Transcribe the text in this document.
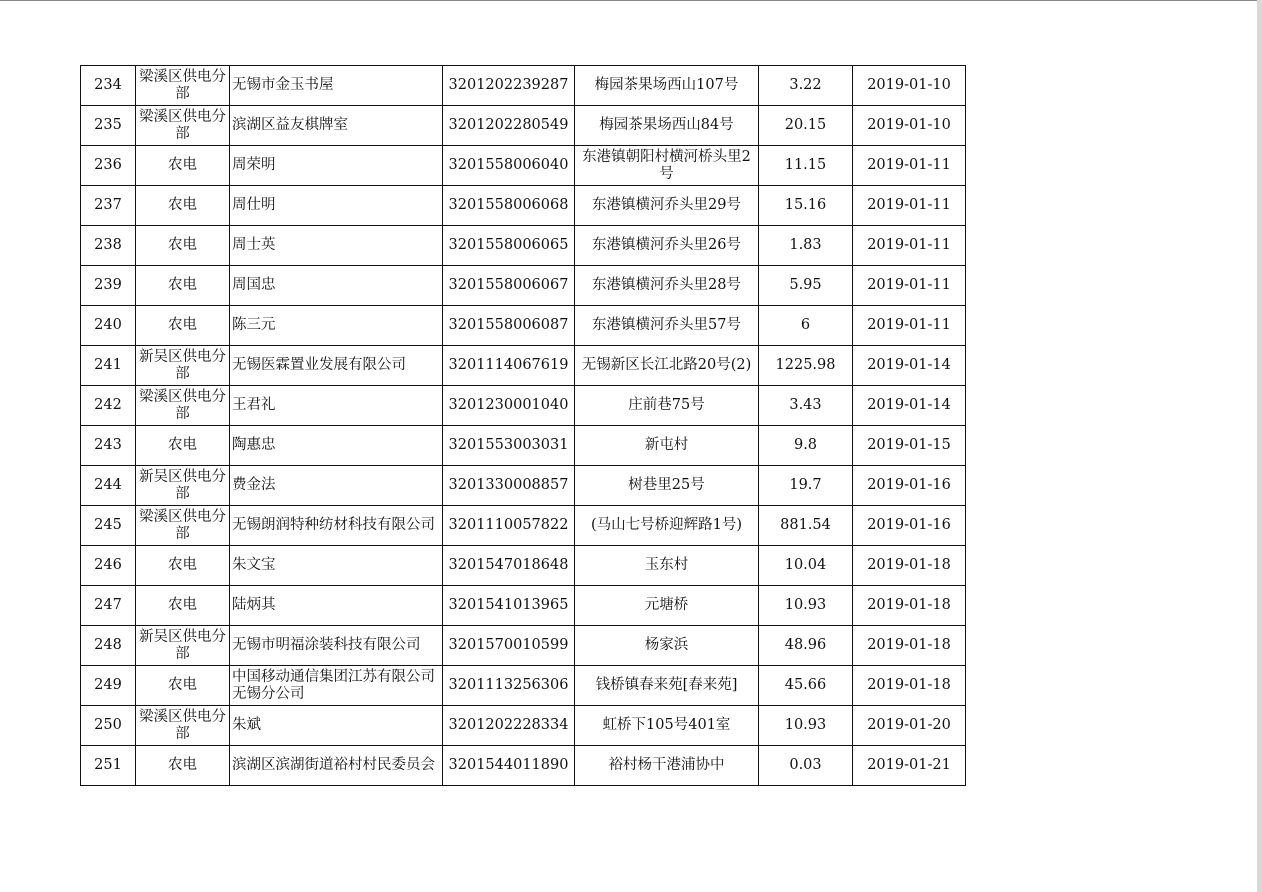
234	梁溪区供电分部	无锡市金玉书屋	3201202239287	梅园茶果场西山107号	3.22	2019-01-10
235	梁溪区供电分部	滨湖区益友棋牌室	3201202280549	梅园茶果场西山84号	20.15	2019-01-10
236	农电	周荣明	3201558006040	东港镇朝阳村横河桥头里2号	11.15	2019-01-11
237	农电	周仕明	3201558006068	东港镇横河乔头里29号	15.16	2019-01-11
238	农电	周士英	3201558006065	东港镇横河乔头里26号	1.83	2019-01-11
239	农电	周国忠	3201558006067	东港镇横河乔头里28号	5.95	2019-01-11
240	农电	陈三元	3201558006087	东港镇横河乔头里57号	6	2019-01-11
241	新吴区供电分部	无锡医霖置业发展有限公司	3201114067619	无锡新区长江北路20号(2)	1225.98	2019-01-14
242	梁溪区供电分部	王君礼	3201230001040	庄前巷75号	3.43	2019-01-14
243	农电	陶惠忠	3201553003031	新屯村	9.8	2019-01-15
244	新吴区供电分部	费金法	3201330008857	树巷里25号	19.7	2019-01-16
245	梁溪区供电分部	无锡朗润特种纺材科技有限公司	3201110057822	(马山七号桥迎辉路1号)	881.54	2019-01-16
246	农电	朱文宝	3201547018648	玉东村	10.04	2019-01-18
247	农电	陆炳其	3201541013965	元塘桥	10.93	2019-01-18
248	新吴区供电分部	无锡市明福涂装科技有限公司	3201570010599	杨家浜	48.96	2019-01-18
249	农电	中国移动通信集团江苏有限公司无锡分公司	3201113256306	钱桥镇春来苑[春来苑]	45.66	2019-01-18
250	梁溪区供电分部	朱斌	3201202228334	虹桥下105号401室	10.93	2019-01-20
251	农电	滨湖区滨湖街道裕村村民委员会	3201544011890	裕村杨干港浦协中	0.03	2019-01-21
